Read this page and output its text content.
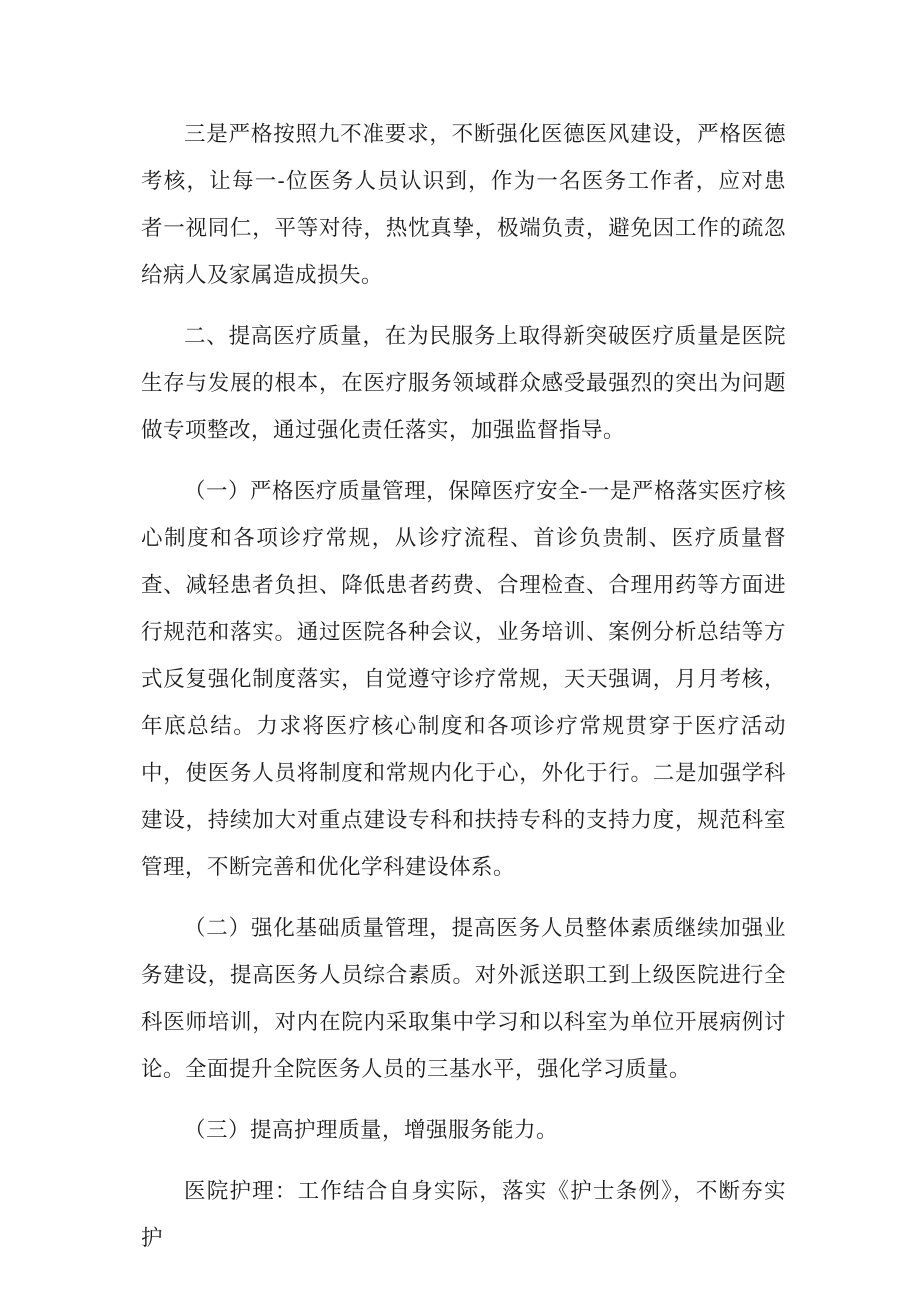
三是严格按照九不准要求，不断强化医德医风建设，严格医德考核，让每一-位医务人员认识到，作为一名医务工作者，应对患者一视同仁，平等对待，热忱真挚，极端负责，避免因工作的疏忽给病人及家属造成损失。

二、提高医疗质量，在为民服务上取得新突破医疗质量是医院生存与发展的根本，在医疗服务领域群众感受最强烈的突出为问题做专项整改，通过强化责任落实，加强监督指导。

（一）严格医疗质量管理，保障医疗安全-一是严格落实医疗核心制度和各项诊疗常规，从诊疗流程、首诊负贵制、医疗质量督查、减轻患者负担、降低患者药费、合理检查、合理用药等方面进行规范和落实。通过医院各种会议，业务培训、案例分析总结等方式反复强化制度落实，自觉遵守诊疗常规，天天强调，月月考核，年底总结。力求将医疗核心制度和各项诊疗常规贯穿于医疗活动中，使医务人员将制度和常规内化于心，外化于行。二是加强学科建设，持续加大对重点建设专科和扶持专科的支持力度，规范科室管理，不断完善和优化学科建设体系。

（二）强化基础质量管理，提高医务人员整体素质继续加强业务建设，提高医务人员综合素质。对外派送职工到上级医院进行全科医师培训，对内在院内采取集中学习和以科室为单位开展病例讨论。全面提升全院医务人员的三基水平，强化学习质量。

（三）提高护理质量，增强服务能力。

医院护理：工作结合自身实际，落实《护士条例》，不断夯实护
